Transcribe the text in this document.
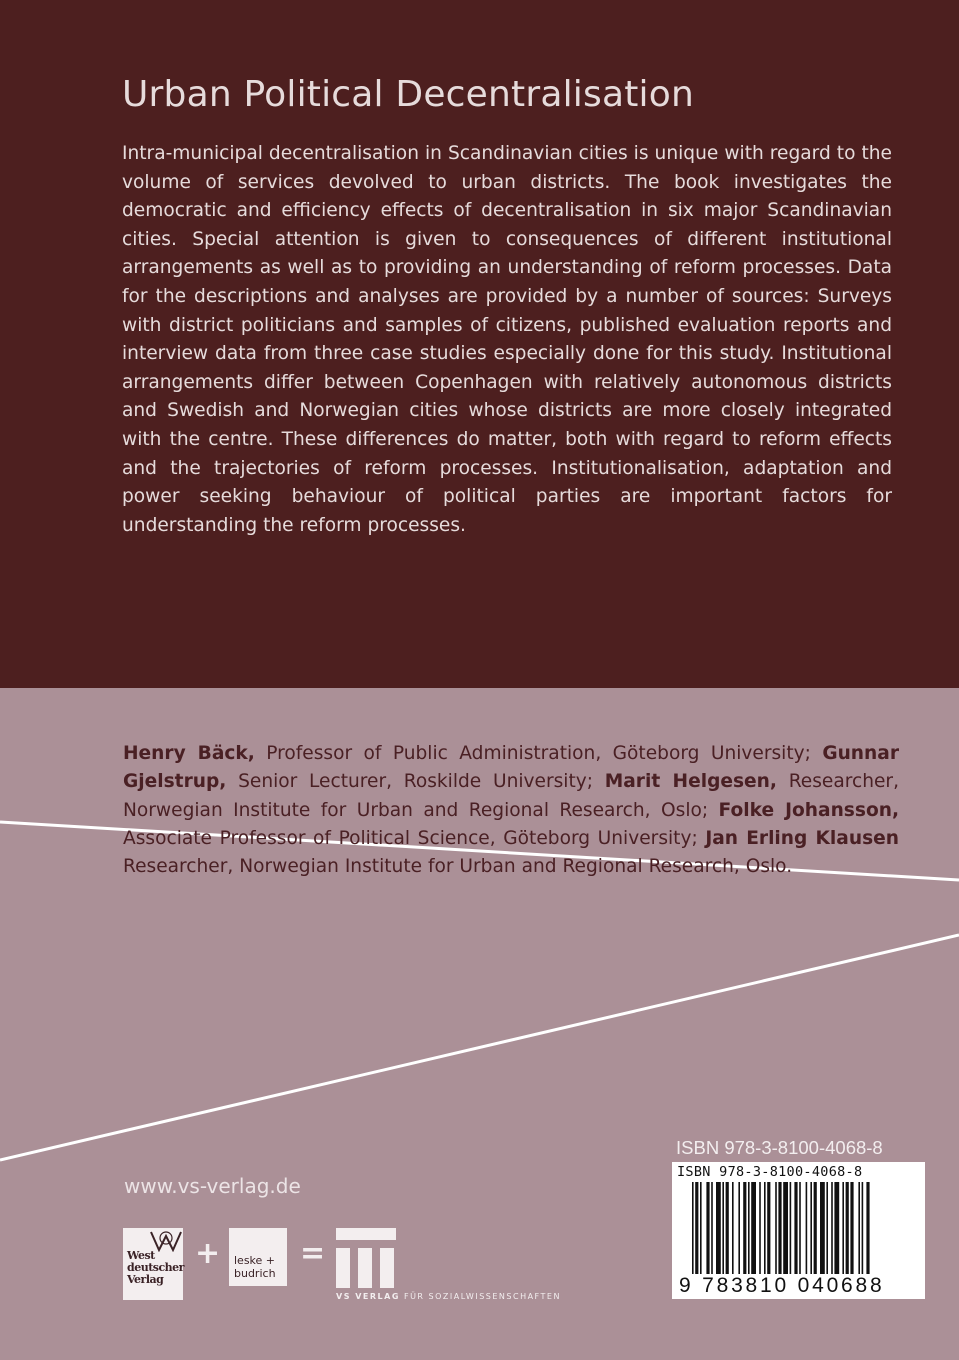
Urban Political Decentralisation

Intra-municipal decentralisation in Scandinavian cities is unique with regard to the volume of services devolved to urban districts. The book investigates the democratic and efficiency effects of decentralisation in six major Scandinavian cities. Special attention is given to consequences of different institutional arrangements as well as to providing an understanding of reform processes. Data for the descriptions and analyses are provided by a number of sources: Surveys with district politicians and samples of citizens, published evaluation reports and interview data from three case studies especially done for this study. Institutional arrangements differ between Copenhagen with relatively autonomous districts and Swedish and Norwegian cities whose districts are more closely integrated with the centre. These differences do matter, both with regard to reform effects and the trajectories of reform processes. Institutionalisation, adaptation and power seeking behaviour of political parties are important factors for understanding the reform processes.

Henry Bäck, Professor of Public Administration, Göteborg University; Gunnar Gjelstrup, Senior Lecturer, Roskilde University; Marit Helgesen, Researcher, Norwegian Institute for Urban and Regional Research, Oslo; Folke Johansson, Associate Professor of Political Science, Göteborg University; Jan Erling Klausen Researcher, Norwegian Institute for Urban and Regional Research, Oslo.

www.vs-verlag.de
West
deutscher
Verlag
+ leske +
budrich
=
VS VERLAG FÜR SOZIALWISSENSCHAFTEN
ISBN 978-3-8100-4068-8
ISBN 978-3-8100-4068-8
9 783810 040688
